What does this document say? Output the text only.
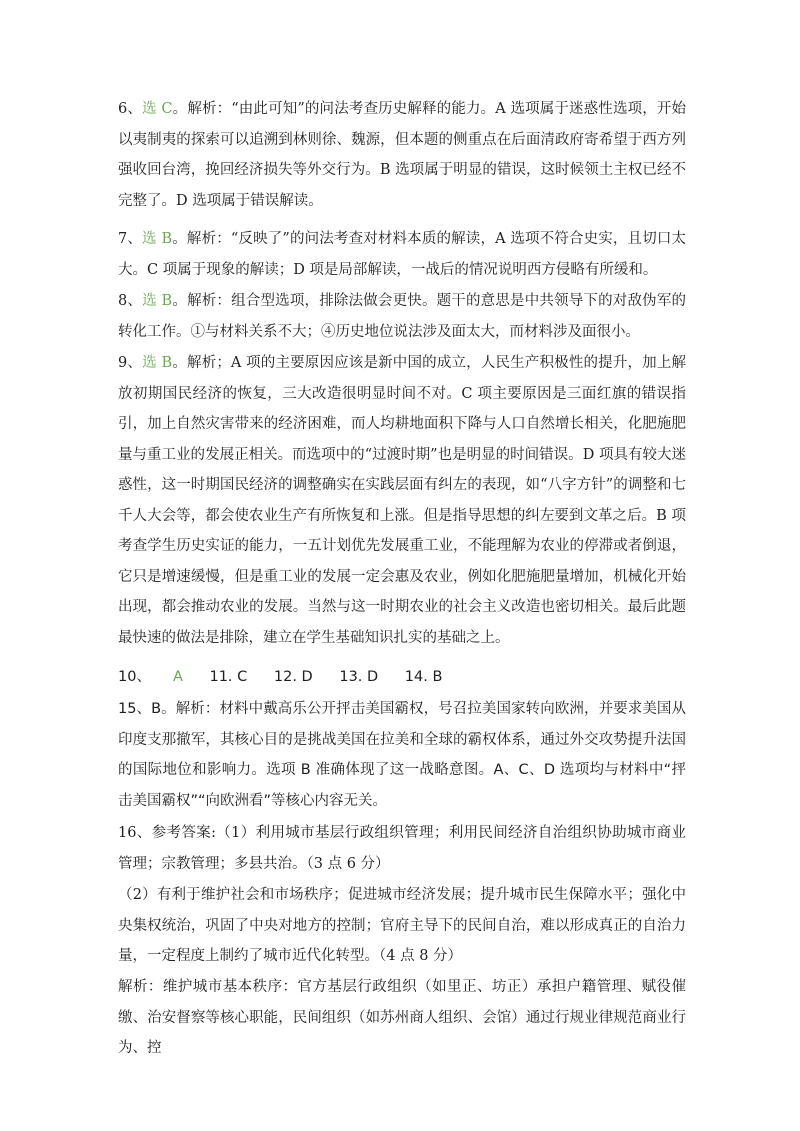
6、选 C。解析：“由此可知”的问法考查历史解释的能力。A 选项属于迷惑性选项，开始以夷制夷的探索可以追溯到林则徐、魏源，但本题的侧重点在后面清政府寄希望于西方列强收回台湾，挽回经济损失等外交行为。B 选项属于明显的错误，这时候领土主权已经不完整了。D 选项属于错误解读。
7、选 B。解析：“反映了”的问法考查对材料本质的解读，A 选项不符合史实，且切口太大。C 项属于现象的解读；D 项是局部解读，一战后的情况说明西方侵略有所缓和。
8、选 B。解析：组合型选项，排除法做会更快。题干的意思是中共领导下的对敌伪军的转化工作。①与材料关系不大；④历史地位说法涉及面太大，而材料涉及面很小。
9、选 B。解析；A 项的主要原因应该是新中国的成立，人民生产积极性的提升，加上解放初期国民经济的恢复，三大改造很明显时间不对。C 项主要原因是三面红旗的错误指引，加上自然灾害带来的经济困难，而人均耕地面积下降与人口自然增长相关，化肥施肥量与重工业的发展正相关。而选项中的“过渡时期”也是明显的时间错误。D 项具有较大迷惑性，这一时期国民经济的调整确实在实践层面有纠左的表现，如“八字方针”的调整和七千人大会等，都会使农业生产有所恢复和上涨。但是指导思想的纠左要到文革之后。B 项考查学生历史实证的能力，一五计划优先发展重工业，不能理解为农业的停滞或者倒退，它只是增速缓慢，但是重工业的发展一定会惠及农业，例如化肥施肥量增加，机械化开始出现，都会推动农业的发展。当然与这一时期农业的社会主义改造也密切相关。最后此题最快速的做法是排除，建立在学生基础知识扎实的基础之上。
10、 A 11. C 12. D 13. D 14. B
15、B。解析：材料中戴高乐公开抨击美国霸权，号召拉美国家转向欧洲，并要求美国从印度支那撤军，其核心目的是挑战美国在拉美和全球的霸权体系，通过外交攻势提升法国的国际地位和影响力。选项 B 准确体现了这一战略意图。A、C、D 选项均与材料中“抨击美国霸权”“向欧洲看”等核心内容无关。
16、参考答案:（1）利用城市基层行政组织管理；利用民间经济自治组织协助城市商业管理；宗教管理；多县共治。（3 点 6 分）
（2）有利于维护社会和市场秩序；促进城市经济发展；提升城市民生保障水平；强化中央集权统治，巩固了中央对地方的控制；官府主导下的民间自治，难以形成真正的自治力量，一定程度上制约了城市近代化转型。（4 点 8 分）
解析：维护城市基本秩序：官方基层行政组织（如里正、坊正）承担户籍管理、赋役催缴、治安督察等核心职能，民间组织（如苏州商人组织、会馆）通过行规业律规范商业行为、控
